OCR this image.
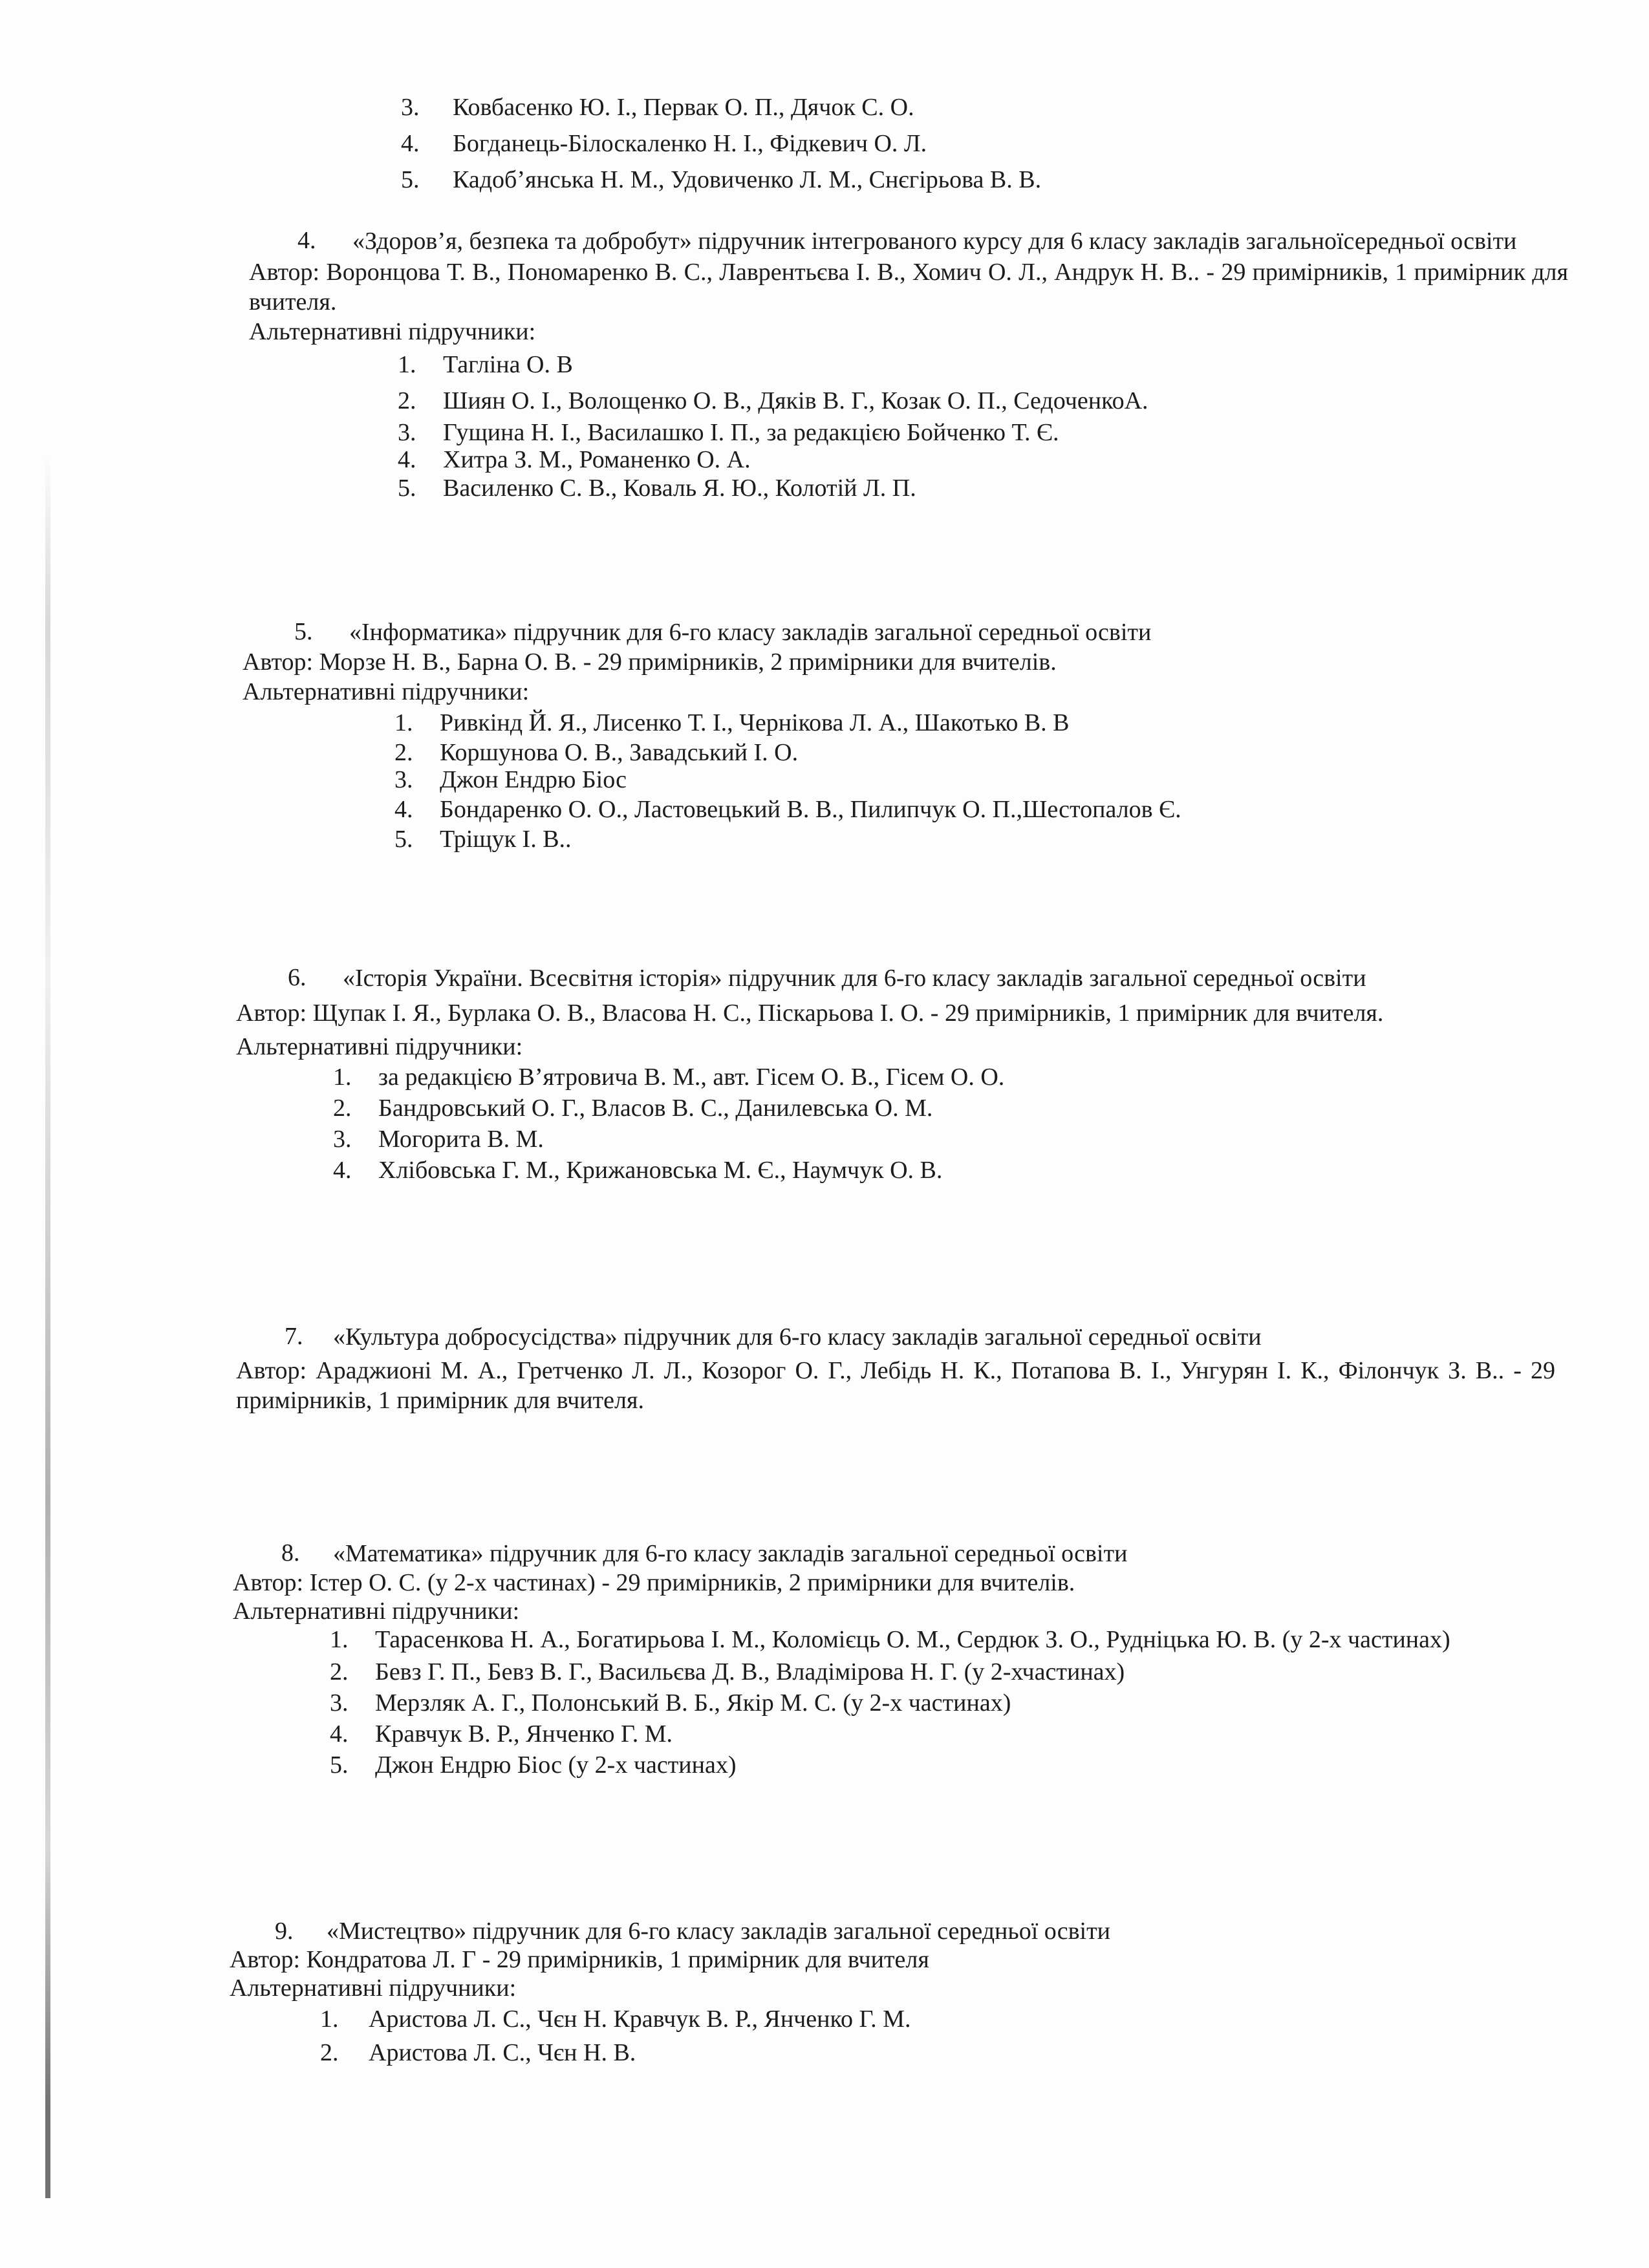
3.	Ковбасенко Ю. І., Первак О. П., Дячок С. О.
4.	Богданець-Білоскаленко Н. І., Фідкевич О. Л.
5.	Кадоб’янська Н. М., Удовиченко Л. М., Снєгірьова В. В.
4.	«Здоров’я, безпека та добробут» підручник інтегрованого курсу для 6 класу закладів загальноїсередньої освіти
Автор: Воронцова Т. В., Пономаренко В. С., Лаврентьєва І. В., Хомич О. Л., Андрук Н. В.. - 29 примірників, 1 примірник для вчителя.
Альтернативні підручники:
1.	Тагліна О. В
2.	Шиян О. І., Волощенко О. В., Дяків В. Г., Козак О. П., СедоченкоА.
3.	Гущина Н. І., Василашко І. П., за редакцією Бойченко Т. Є.
4.	Хитра З. М., Романенко О. А.
5.	Василенко С. В., Коваль Я. Ю., Колотій Л. П.
5.	«Інформатика» підручник для 6-го класу закладів загальної середньої освіти
Автор: Морзе Н. В., Барна О. В. - 29 примірників, 2 примірники для вчителів.
Альтернативні підручники:
1.	Ривкінд Й. Я., Лисенко Т. І., Чернікова Л. А., Шакотько В. В
2.	Коршунова О. В., Завадський І. О.
3.	Джон Ендрю Біос
4.	Бондаренко О. О., Ластовецький В. В., Пилипчук О. П.,Шестопалов Є.
5.	Тріщук І. В..
6.	«Історія України. Всесвітня історія» підручник для 6-го класу закладів загальної середньої освіти
Автор: Щупак І. Я., Бурлака О. В., Власова Н. С., Піскарьова І. О. - 29 примірників, 1 примірник для вчителя.
Альтернативні підручники:
1.	за редакцією В’ятровича В. М., авт. Гісем О. В., Гісем О. О.
2.	Бандровський О. Г., Власов В. С., Данилевська О. М.
3.	Могорита В. М.
4.	Хлібовська Г. М., Крижановська М. Є., Наумчук О. В.
7.	«Культура добросусідства» підручник для 6-го класу закладів загальної середньої освіти
Автор: Араджионі М. А., Гретченко Л. Л., Козорог О. Г., Лебідь Н. К., Потапова В. І., Унгурян І. К., Філончук З. В.. - 29 примірників, 1 примірник для вчителя.
8.	«Математика» підручник для 6-го класу закладів загальної середньої освіти
Автор: Істер О. С. (у 2-х частинах) - 29 примірників, 2 примірники для вчителів.
Альтернативні підручники:
1.	Тарасенкова Н. А., Богатирьова І. М., Коломієць О. М., Сердюк З. О., Рудніцька Ю. В. (у 2-х частинах)
2.	Бевз Г. П., Бевз В. Г., Васильєва Д. В., Владімірова Н. Г. (у 2-хчастинах)
3.	Мерзляк А. Г., Полонський В. Б., Якір М. С. (у 2-х частинах)
4.	Кравчук В. Р., Янченко Г. М.
5.	Джон Ендрю Біос (у 2-х частинах)
9.	«Мистецтво» підручник для 6-го класу закладів загальної середньої освіти
Автор: Кондратова Л. Г - 29 примірників, 1 примірник для вчителя
Альтернативні підручники:
1.	Аристова Л. С., Чєн Н. Кравчук В. Р., Янченко Г. М.
2.	Аристова Л. С., Чєн Н. В.
